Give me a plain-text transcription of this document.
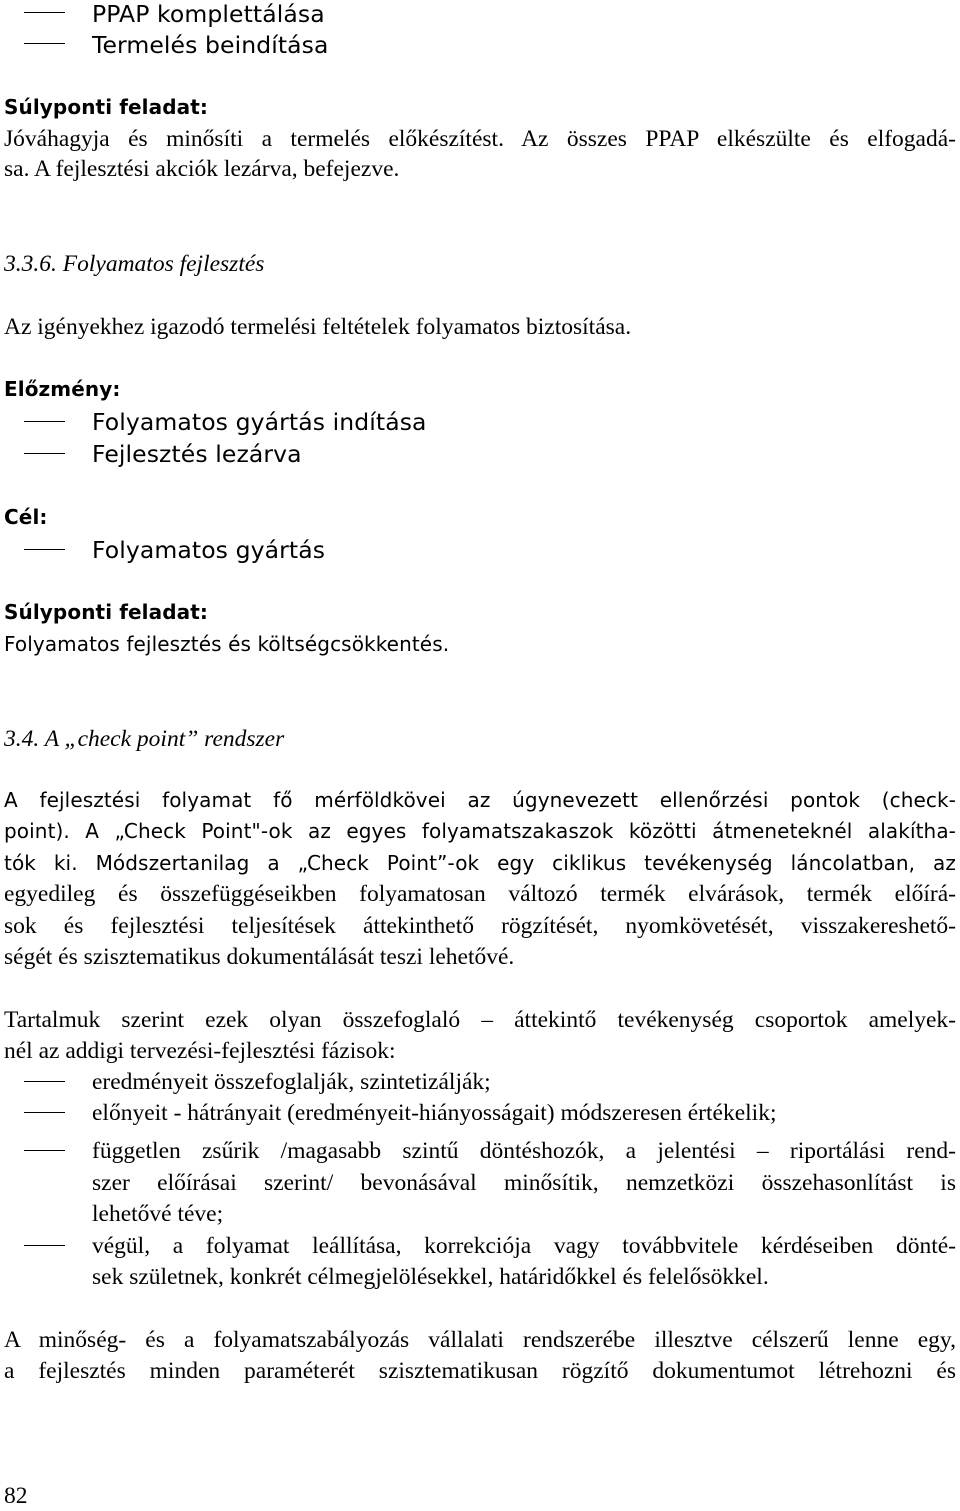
PPAP komplettálása
Termelés beindítása
Súlyponti feladat:
Jóváhagyja és minősíti a termelés előkészítést. Az összes PPAP elkészülte és elfogadá-
sa. A fejlesztési akciók lezárva, befejezve.
3.3.6. Folyamatos fejlesztés
Az igényekhez igazodó termelési feltételek folyamatos biztosítása.
Előzmény:
Folyamatos gyártás indítása
Fejlesztés lezárva
Cél:
Folyamatos gyártás
Súlyponti feladat:
Folyamatos fejlesztés és költségcsökkentés.
3.4. A „check point” rendszer
A fejlesztési folyamat fő mérföldkövei az úgynevezett ellenőrzési pontok (check-
point). A „Check Point"-ok az egyes folyamatszakaszok közötti átmeneteknél alakítha-
tók ki. Módszertanilag a „Check Point”-ok egy ciklikus tevékenység láncolatban, az
egyedileg és összefüggéseikben folyamatosan változó termék elvárások, termék előírá-
sok és fejlesztési teljesítések áttekinthető rögzítését, nyomkövetését, visszakereshető-
ségét és szisztematikus dokumentálását teszi lehetővé.
Tartalmuk szerint ezek olyan összefoglaló – áttekintő tevékenység csoportok amelyek-
nél az addigi tervezési-fejlesztési fázisok:
eredményeit összefoglalják, szintetizálják;
előnyeit - hátrányait (eredményeit-hiányosságait) módszeresen értékelik;
független zsűrik /magasabb szintű döntéshozók, a jelentési – riportálási rend-
szer előírásai szerint/ bevonásával minősítik, nemzetközi összehasonlítást is
lehetővé téve;
végül, a folyamat leállítása, korrekciója vagy továbbvitele kérdéseiben dönté-
sek születnek, konkrét célmegjelölésekkel, határidőkkel és felelősökkel.
A minőség- és a folyamatszabályozás vállalati rendszerébe illesztve célszerű lenne egy,
a fejlesztés minden paraméterét szisztematikusan rögzítő dokumentumot létrehozni és
82
